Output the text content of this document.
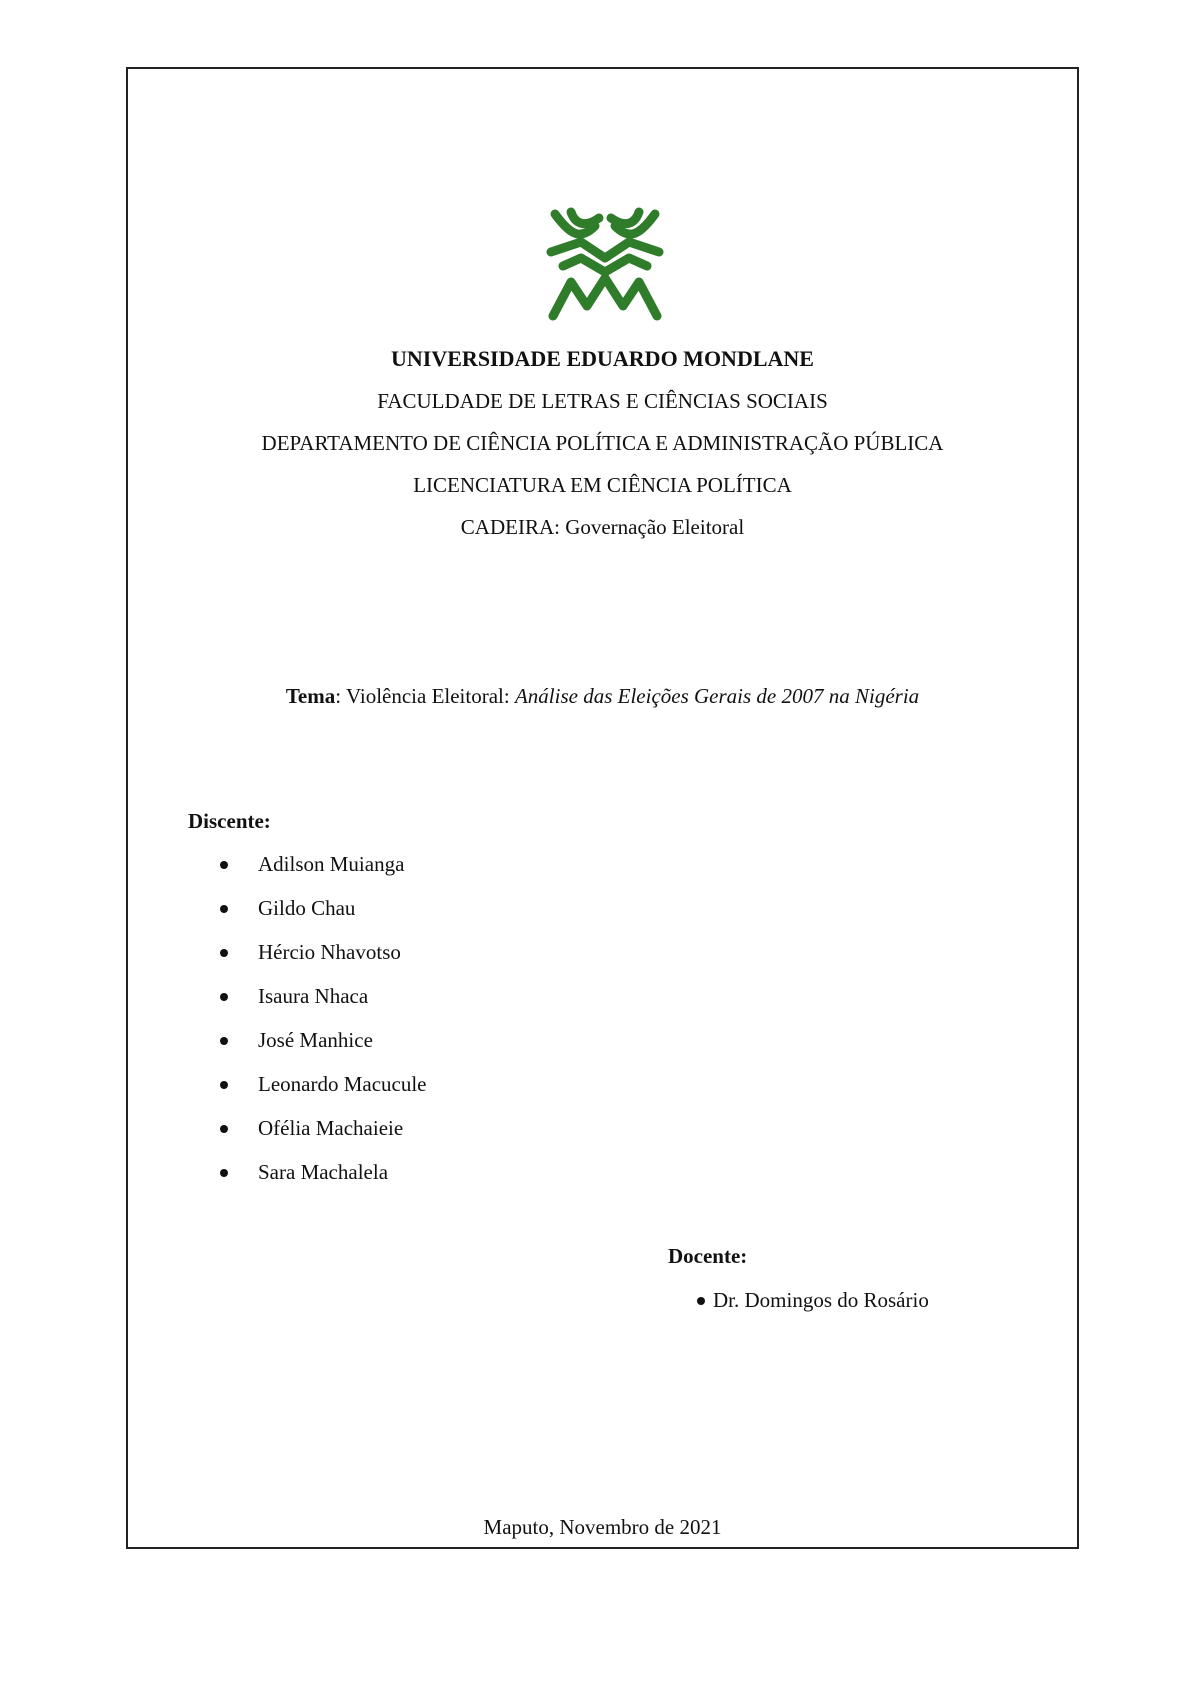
UNIVERSIDADE EDUARDO MONDLANE
FACULDADE DE LETRAS E CIÊNCIAS SOCIAIS
DEPARTAMENTO DE CIÊNCIA POLÍTICA E ADMINISTRAÇÃO PÚBLICA
LICENCIATURA EM CIÊNCIA POLÍTICA
CADEIRA: Governação Eleitoral
Tema: Violência Eleitoral: Análise das Eleições Gerais de 2007 na Nigéria
Discente:
Adilson Muianga
Gildo Chau
Hércio Nhavotso
Isaura Nhaca
José Manhice
Leonardo Macucule
Ofélia Machaieie
Sara Machalela
Docente:
Dr. Domingos do Rosário
Maputo, Novembro de 2021
